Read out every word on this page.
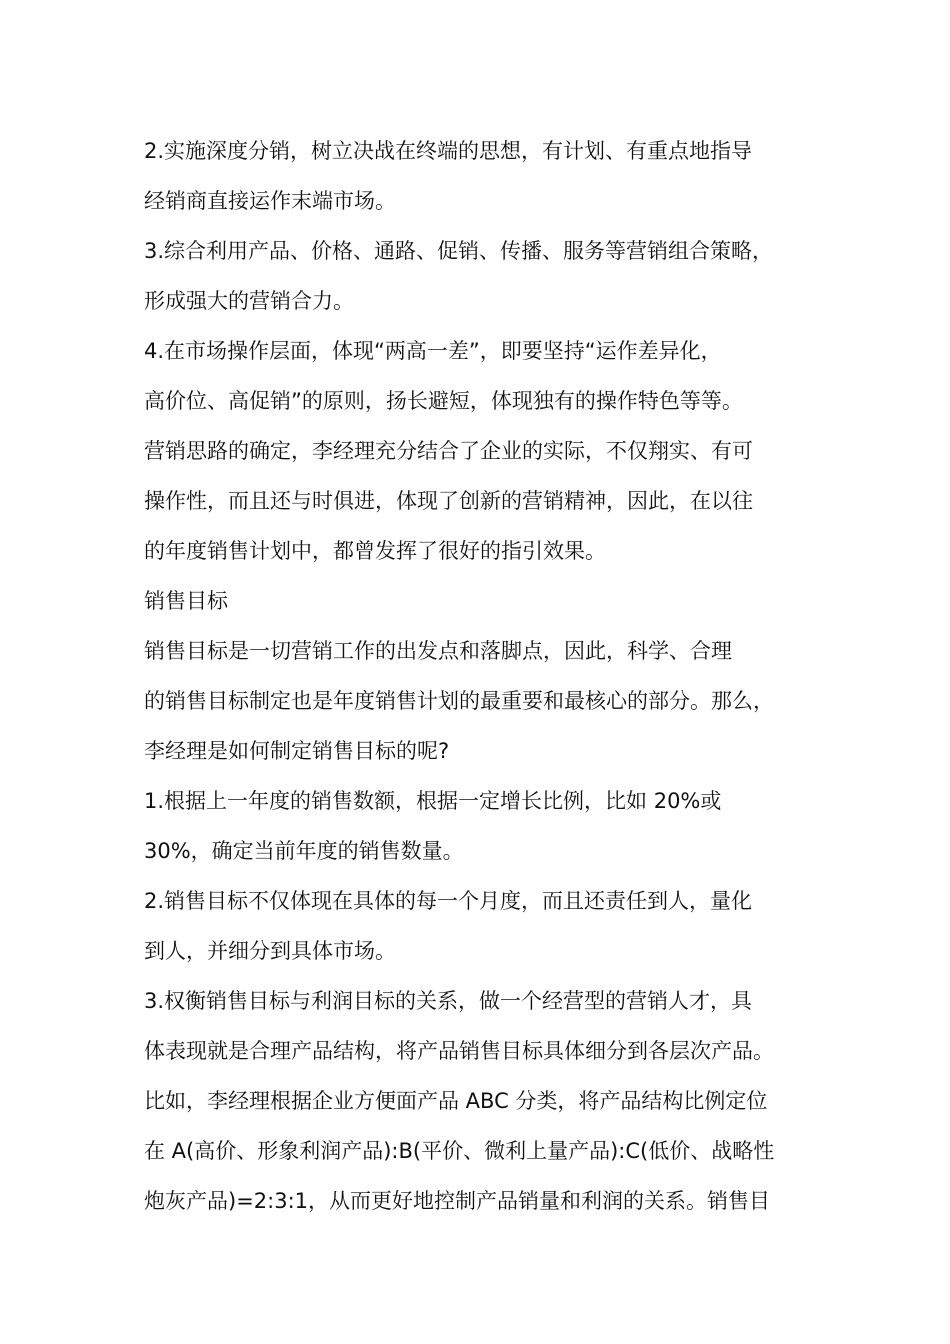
2.实施深度分销，树立决战在终端的思想，有计划、有重点地指导
经销商直接运作末端市场。
3.综合利用产品、价格、通路、促销、传播、服务等营销组合策略，
形成强大的营销合力。
4.在市场操作层面，体现“两高一差”，即要坚持“运作差异化，
高价位、高促销”的原则，扬长避短，体现独有的操作特色等等。
营销思路的确定，李经理充分结合了企业的实际，不仅翔实、有可
操作性，而且还与时俱进，体现了创新的营销精神，因此，在以往
的年度销售计划中，都曾发挥了很好的指引效果。
销售目标
销售目标是一切营销工作的出发点和落脚点，因此，科学、合理
的销售目标制定也是年度销售计划的最重要和最核心的部分。那么，
李经理是如何制定销售目标的呢?
1.根据上一年度的销售数额，根据一定增长比例，比如 20%或
30%，确定当前年度的销售数量。
2.销售目标不仅体现在具体的每一个月度，而且还责任到人，量化
到人，并细分到具体市场。
3.权衡销售目标与利润目标的关系，做一个经营型的营销人才，具
体表现就是合理产品结构，将产品销售目标具体细分到各层次产品。
比如，李经理根据企业方便面产品 ABC 分类，将产品结构比例定位
在 A(高价、形象利润产品):B(平价、微利上量产品):C(低价、战略性
炮灰产品)=2:3:1，从而更好地控制产品销量和利润的关系。销售目
